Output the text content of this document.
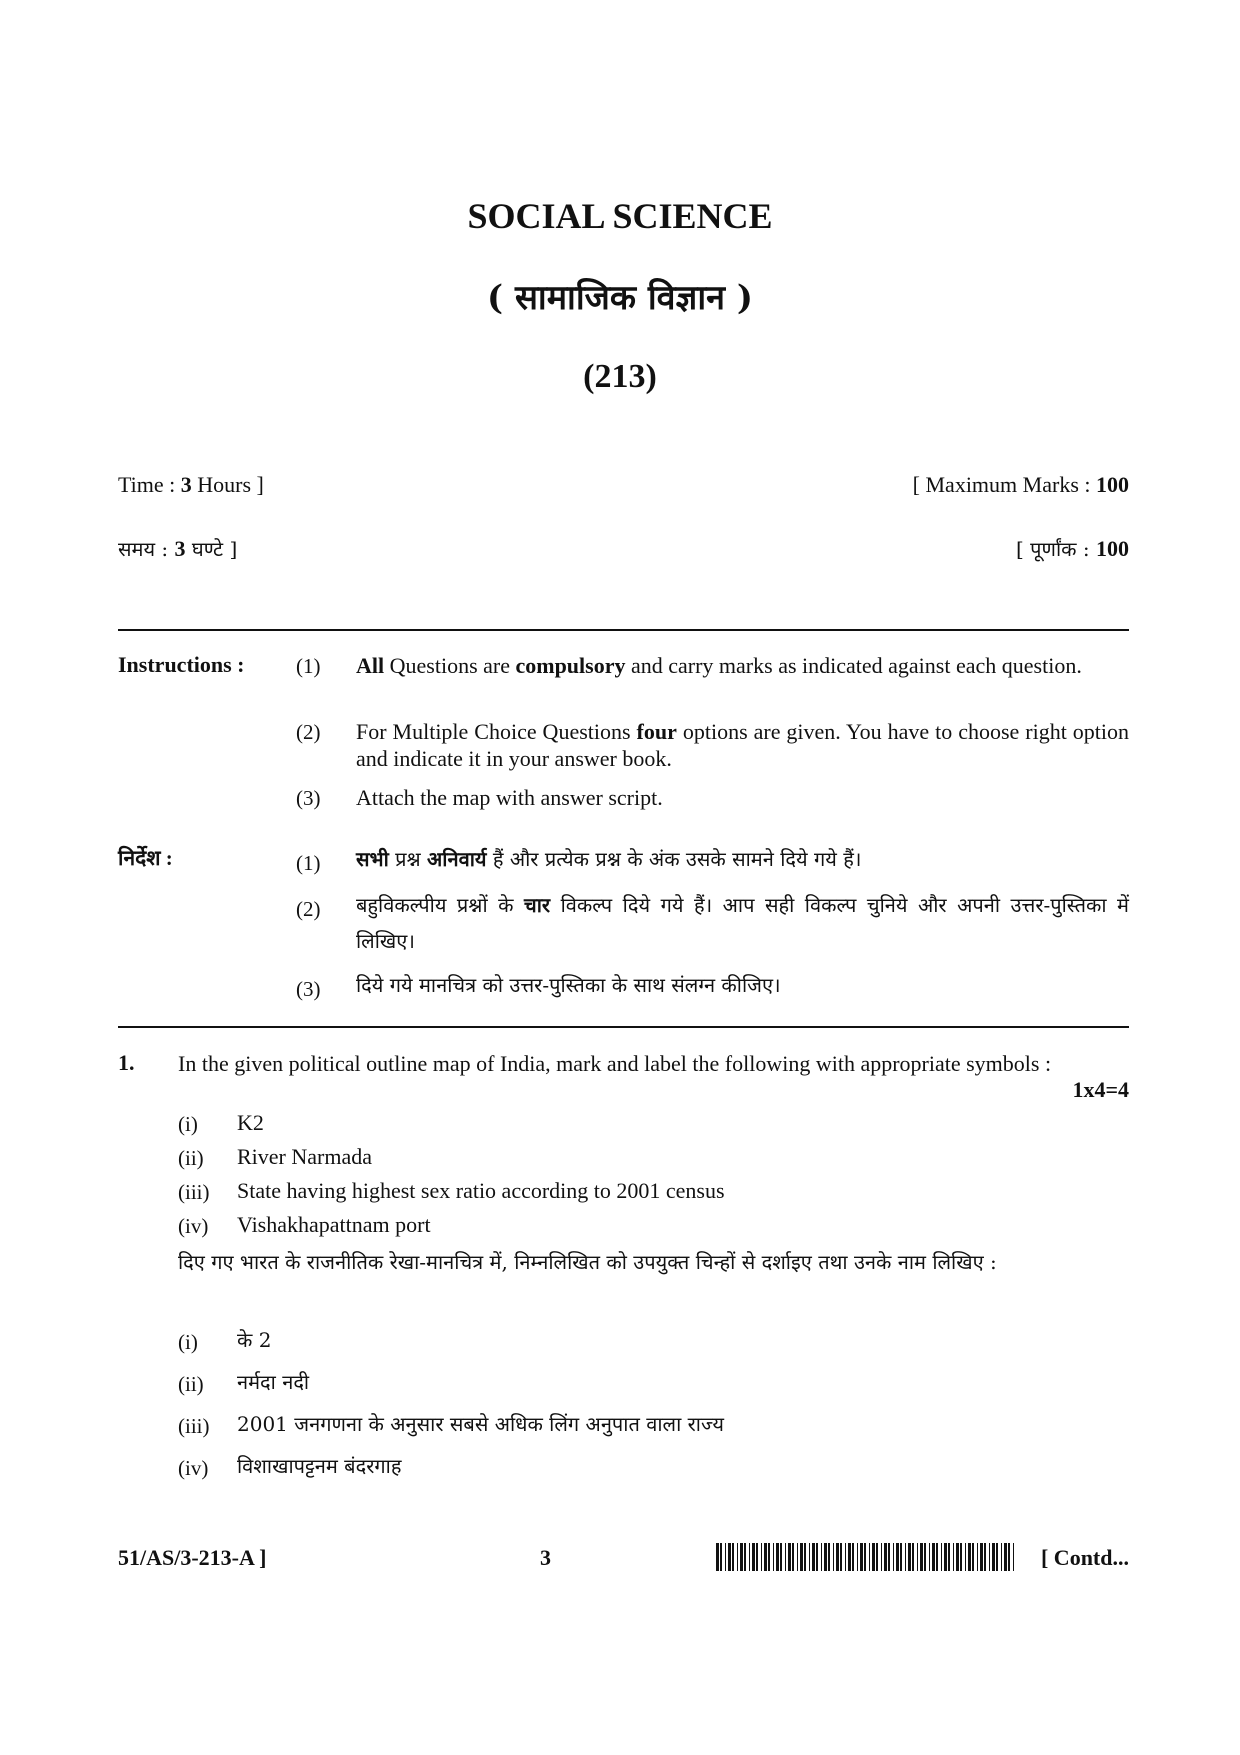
SOCIAL SCIENCE
( सामाजिक विज्ञान )
(213)
Time : 3 Hours ]	[ Maximum Marks : 100
समय : 3 घण्टे ]	[ पूर्णांक : 100
Instructions : (1)	All Questions are compulsory and carry marks as indicated against each question.
(2)	For Multiple Choice Questions four options are given. You have to choose right option and indicate it in your answer book.
(3)	Attach the map with answer script.
निर्देश :	(1)	सभी प्रश्न अनिवार्य हैं और प्रत्येक प्रश्न के अंक उसके सामने दिये गये हैं।
(2)	बहुविकल्पीय प्रश्नों के चार विकल्प दिये गये हैं। आप सही विकल्प चुनिये और अपनी उत्तर-पुस्तिका में लिखिए।
(3)	दिये गये मानचित्र को उत्तर-पुस्तिका के साथ संलग्न कीजिए।
1. In the given political outline map of India, mark and label the following with appropriate symbols :
1x4=4
(i)	K2
(ii)	River Narmada
(iii)	State having highest sex ratio according to 2001 census
(iv)	Vishakhapattnam port
दिए गए भारत के राजनीतिक रेखा-मानचित्र में, निम्नलिखित को उपयुक्त चिन्हों से दर्शाइए तथा उनके नाम लिखिए :
(i)	के 2
(ii)	नर्मदा नदी
(iii)	2001 जनगणना के अनुसार सबसे अधिक लिंग अनुपात वाला राज्य
(iv)	विशाखापट्टनम बंदरगाह
51/AS/3-213-A ]	3	[ Contd...
